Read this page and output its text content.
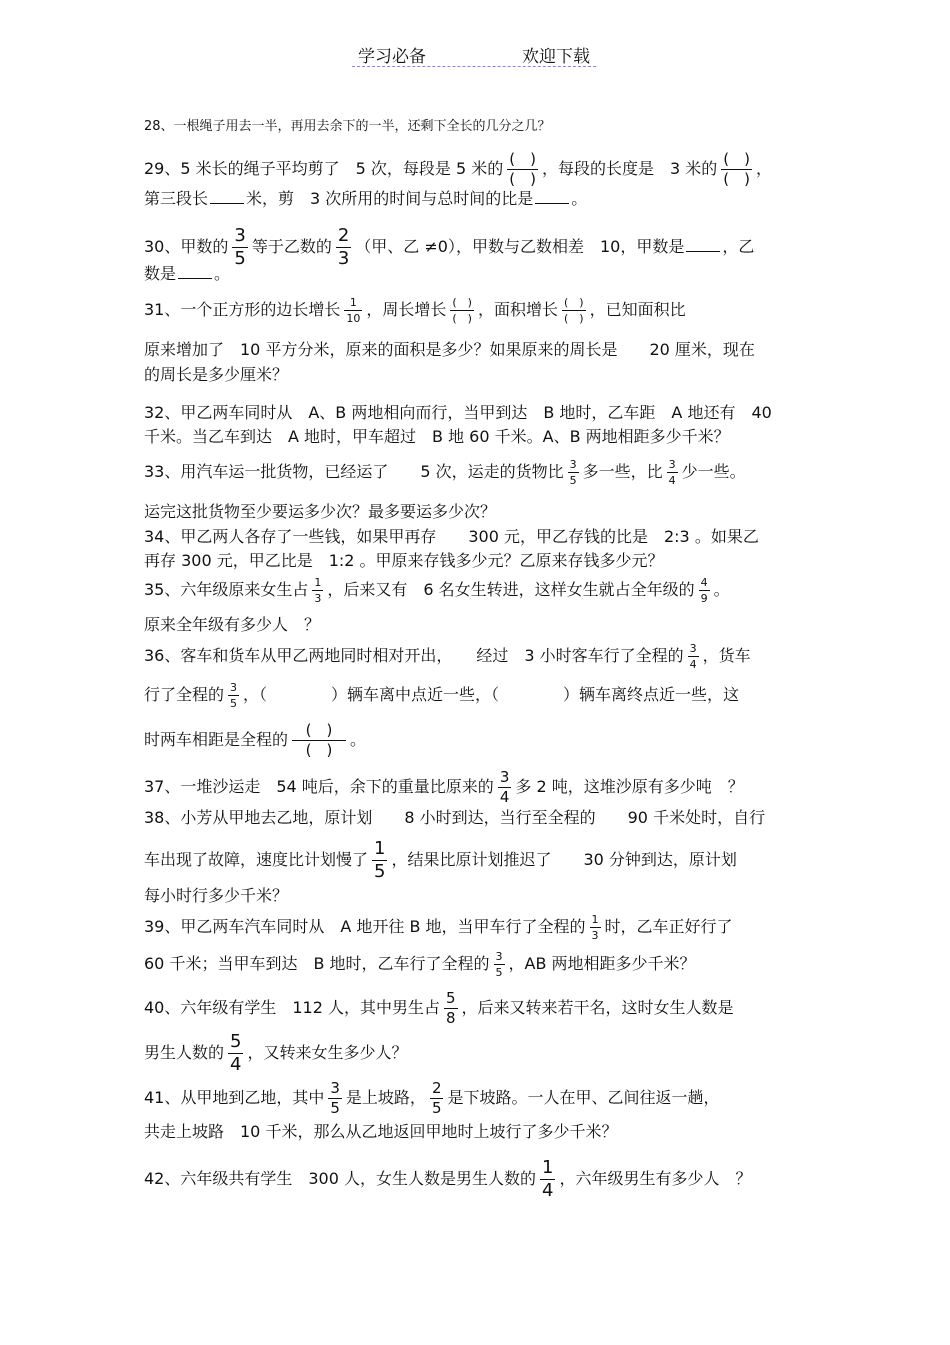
学习必备	欢迎下载
28、一根绳子用去一半，再用去余下的一半，还剩下全长的几分之几？
29、5 米长的绳子平均剪了　5 次，每段是 5 米的 $\frac{( )}{( )}$ ，每段的长度是　3 米的 $\frac{( )}{( )}$ ，
第三段长 米，剪　3 次所用的时间与总时间的比是 。
30、甲数的 $\frac{3}{5}$ 等于乙数的 $\frac{2}{3}$ （甲、乙 ≠0），甲数与乙数相差　10，甲数是 ，乙
数是 。
31、一个正方形的边长增长 $\frac{1}{10}$ ，周长增长 $\frac{( )}{( )}$ ，面积增长 $\frac{( )}{( )}$ ，已知面积比
原来增加了　10 平方分米，原来的面积是多少？如果原来的周长是　　20 厘米，现在
的周长是多少厘米？
32、甲乙两车同时从　A、B 两地相向而行，当甲到达　B 地时，乙车距　A 地还有　40
千米。当乙车到达　A 地时，甲车超过　B 地 60 千米。A、B 两地相距多少千米？
33、用汽车运一批货物，已经运了　　5 次，运走的货物比 $\frac{3}{5}$ 多一些，比 $\frac{3}{4}$ 少一些。
运完这批货物至少要运多少次？最多要运多少次？
34、甲乙两人各存了一些钱，如果甲再存　　300 元，甲乙存钱的比是　2:3 。如果乙
再存 300 元，甲乙比是　1:2 。甲原来存钱多少元？乙原来存钱多少元？
35、六年级原来女生占 $\frac{1}{3}$ ，后来又有　6 名女生转进，这样女生就占全年级的 $\frac{4}{9}$ 。
原来全年级有多少人　？
36、客车和货车从甲乙两地同时相对开出，　　经过　3 小时客车行了全程的 $\frac{3}{4}$ ，货车
行了全程的 $\frac{3}{5}$ ，（　　　　）辆车离中点近一些，（　　　　）辆车离终点近一些，这
时两车相距是全程的 $\frac{( )}{( )}$ 。
37、一堆沙运走　54 吨后，余下的重量比原来的 $\frac{3}{4}$ 多 2 吨，这堆沙原有多少吨　？
38、小芳从甲地去乙地，原计划　　8 小时到达，当行至全程的　　90 千米处时，自行
车出现了故障，速度比计划慢了 $\frac{1}{5}$ ，结果比原计划推迟了　　30 分钟到达，原计划
每小时行多少千米？
39、甲乙两车汽车同时从　A 地开往 B 地，当甲车行了全程的 $\frac{1}{3}$ 时，乙车正好行了
60 千米；当甲车到达　B 地时，乙车行了全程的 $\frac{3}{5}$ ，AB 两地相距多少千米？
40、六年级有学生　112 人，其中男生占 $\frac{5}{8}$ ，后来又转来若干名，这时女生人数是
男生人数的 $\frac{5}{4}$ ，又转来女生多少人？
41、从甲地到乙地，其中 $\frac{3}{5}$ 是上坡路， $\frac{2}{5}$ 是下坡路。一人在甲、乙间往返一趟，
共走上坡路　10 千米，那么从乙地返回甲地时上坡行了多少千米？
42、六年级共有学生　300 人，女生人数是男生人数的 $\frac{1}{4}$ ，六年级男生有多少人　？
